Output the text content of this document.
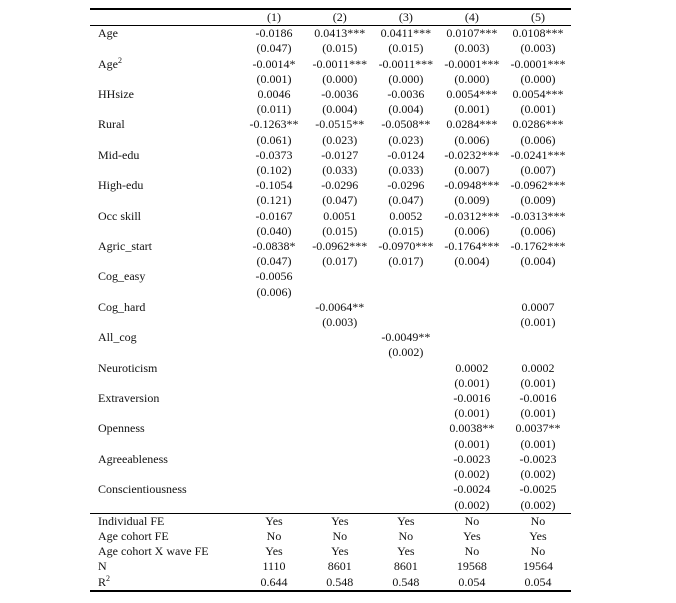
	(1)	(2)	(3)	(4)	(5)
Age	-0.0186	0.0413***	0.0411***	0.0107***	0.0108***
	(0.047)	(0.015)	(0.015)	(0.003)	(0.003)
Age$^2$	-0.0014*	-0.0011***	-0.0011***	-0.0001***	-0.0001***
	(0.001)	(0.000)	(0.000)	(0.000)	(0.000)
HHsize	0.0046	-0.0036	-0.0036	0.0054***	0.0054***
	(0.011)	(0.004)	(0.004)	(0.001)	(0.001)
Rural	-0.1263**	-0.0515**	-0.0508**	0.0284***	0.0286***
	(0.061)	(0.023)	(0.023)	(0.006)	(0.006)
Mid-edu	-0.0373	-0.0127	-0.0124	-0.0232***	-0.0241***
	(0.102)	(0.033)	(0.033)	(0.007)	(0.007)
High-edu	-0.1054	-0.0296	-0.0296	-0.0948***	-0.0962***
	(0.121)	(0.047)	(0.047)	(0.009)	(0.009)
Occ skill	-0.0167	0.0051	0.0052	-0.0312***	-0.0313***
	(0.040)	(0.015)	(0.015)	(0.006)	(0.006)
Agric_start	-0.0838*	-0.0962***	-0.0970***	-0.1764***	-0.1762***
	(0.047)	(0.017)	(0.017)	(0.004)	(0.004)
Cog_easy	-0.0056				
	(0.006)				
Cog_hard		-0.0064**			0.0007
		(0.003)			(0.001)
All_cog			-0.0049**		
			(0.002)		
Neuroticism				0.0002	0.0002
				(0.001)	(0.001)
Extraversion				-0.0016	-0.0016
				(0.001)	(0.001)
Openness				0.0038**	0.0037**
				(0.001)	(0.001)
Agreeableness				-0.0023	-0.0023
				(0.002)	(0.002)
Conscientiousness				-0.0024	-0.0025
				(0.002)	(0.002)
Individual FE	Yes	Yes	Yes	No	No
Age cohort FE	No	No	No	Yes	Yes
Age cohort X wave FE	Yes	Yes	Yes	No	No
N	1110	8601	8601	19568	19564
$R^2$	0.644	0.548	0.548	0.054	0.054
